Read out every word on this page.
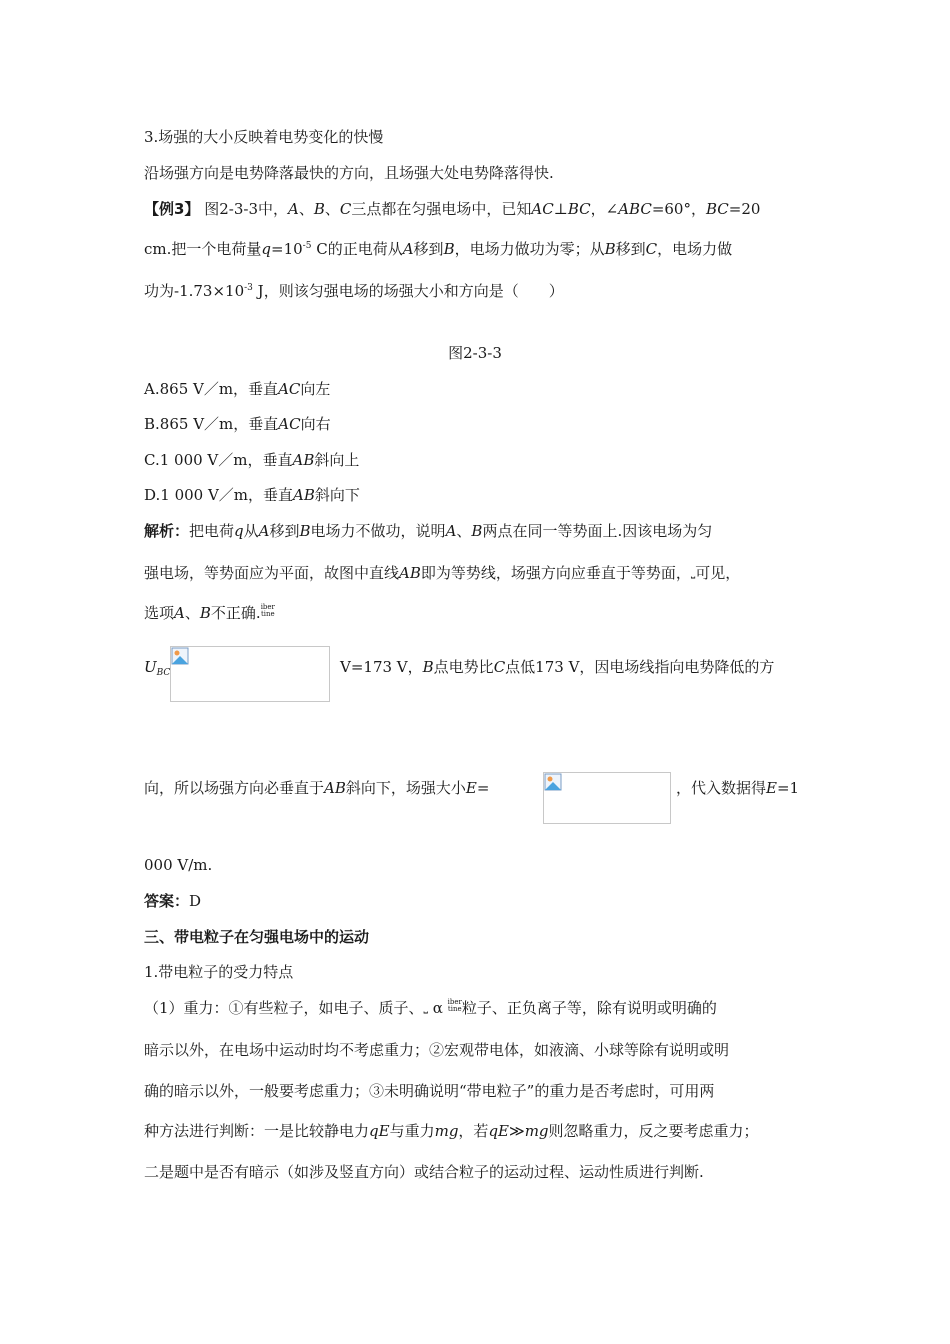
3.场强的大小反映着电势变化的快慢
沿场强方向是电势降落最快的方向，且场强大处电势降落得快.
【例3】 图2-3-3中，A、B、C三点都在匀强电场中，已知AC⊥BC，∠ABC=60°，BC=20
cm.把一个电荷量$q=10^{-5}$ C的正电荷从A移到B，电场力做功为零；从B移到C，电场力做
功为$-1.73\times 10^{-3}$ J，则该匀强电场的场强大小和方向是（　　）
图2-3-3
A.865 V／m，垂直AC向左
B.865 V／m，垂直AC向右
C.1 000 V／m，垂直AB斜向上
D.1 000 V／m，垂直AB斜向下
解析：把电荷q从A移到B电场力不做功，说明A、B两点在同一等势面上.因该电场为匀
强电场，等势面应为平面，故图中直线AB即为等势线，场强方向应垂直于等势面，⎵可见，
选项A、B不正确.iber
tine
$U_{BC}$	V=173 V，B点电势比C点低173 V，因电场线指向电势降低的方
向，所以场强方向必垂直于AB斜向下，场强大小E=	，代入数据得E=1
000 V/m.
答案：D
三、带电粒子在匀强电场中的运动
1.带电粒子的受力特点
（1）重力：①有些粒子，如电子、质子、⎵ α iber
tine粒子、正负离子等，除有说明或明确的
暗示以外，在电场中运动时均不考虑重力；②宏观带电体，如液滴、小球等除有说明或明
确的暗示以外，一般要考虑重力；③未明确说明“带电粒子”的重力是否考虑时，可用两
种方法进行判断：一是比较静电力qE与重力mg，若qE≫mg则忽略重力，反之要考虑重力；
二是题中是否有暗示（如涉及竖直方向）或结合粒子的运动过程、运动性质进行判断.
